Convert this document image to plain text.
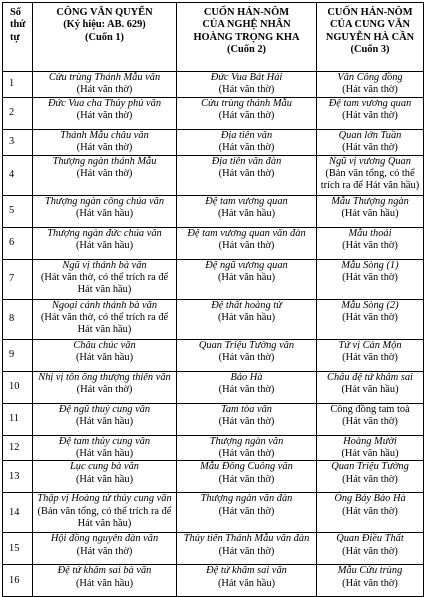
Số
thứ
tự	CÔNG VĂN QUYỂN
(Ký hiệu: AB. 629)
(Cuốn 1)	CUỐN HÁN-NÔM
CỦA NGHỆ NHÂN
HOÀNG TRỌNG KHA
(Cuốn 2)	CUỐN HÁN-NÔM
CỦA CUNG VĂN
NGUYỄN HÀ CẦN
(Cuốn 3)

1	Cửu trùng Thánh Mẫu văn
(Hát văn thờ)	Đức Vua Bát Hải
(Hát văn thờ)	Văn Công đồng
(Hát văn thờ)

2	Đức Vua cha Thủy phủ văn
(Hát văn thờ)	Cửu trùng thánh Mẫu
(Hát văn thờ)	Đệ tam vương quan
(Hát văn thờ)

3	Thánh Mẫu châu văn
(Hát văn thờ)	Địa tiên văn
(Hát văn thờ)	Quan lớn Tuần
(Hát văn thờ)

4	Thượng ngàn thánh Mẫu
(Hát văn thờ)	Địa tiên văn đàn
(Hát văn thờ)	Ngũ vị vương Quan
(Bản văn tổng, có thể trích ra để Hát văn hầu)

5	Thượng ngàn công chúa văn
(Hát văn hầu)	Đệ tam vương quan
(Hát văn hầu)	Mẫu Thượng ngàn
(Hát văn hầu)

6	Thượng ngàn đức chúa văn
(Hát văn hầu)	Đệ tam vương quan văn đàn
(Hát văn thờ)	Mẫu thoải
(Hát văn thờ)

7	Ngũ vị thánh bà văn
(Hát văn thờ, có thể trích ra để Hát văn hầu)	Đệ ngũ vương quan
(Hát văn hầu)	Mẫu Sòng (1)
(Hát văn thờ)

8	Ngoại cảnh thánh bà văn
(Hát văn thờ, có thể trích ra để Hát văn hầu)	Đệ thất hoàng tử
(Hát văn hầu)	Mẫu Sòng (2)
(Hát văn thờ)

9	Châu chúc văn
(Hát văn hầu)	Quan Triệu Tường văn
(Hát văn thờ)	Tứ vị Càn Mộn
(Hát văn thờ)

10	Nhị vị tôn ông thượng thiên văn
(Hát văn thờ)	Bảo Hà
(Hát văn thờ)	Châu đệ tứ khâm sai
(Hát văn hầu)

11	Đệ ngũ thuỷ cung văn
(Hát văn hầu)	Tam tòa văn
(Hát văn thờ)	Công đồng tam toà
(Hát văn thờ)

12	Đệ tam thủy cung văn
(Hát văn hầu)	Thượng ngàn văn
(Hát văn thờ)	Hoàng Mười
(Hát văn hầu)

13	Lục cung bà văn
(Hát văn hầu)	Mẫu Đông Cuông văn
(Hát văn thờ)	Quan Triệu Tường
(Hát văn thờ)

14	Thập vị Hoàng tử thủy cung văn
(Bản văn tổng, có thể trích ra để Hát văn hầu)	Thượng ngàn văn đàn
(Hát văn thờ)	Ông Bảy Bảo Hà
(Hát văn thờ)

15	Hội đồng nguyên đàn văn
(Hát văn thờ)	Thủy tiên Thánh Mẫu văn đàn
(Hát văn thờ)	Quan Điều Thất
(Hát văn thờ)

16	Đệ tứ khâm sai bà văn
(Hát văn hầu)	Đệ tứ khâm sai văn
(Hát văn hầu)	Mẫu Cửu trùng
(Hát văn thờ)
